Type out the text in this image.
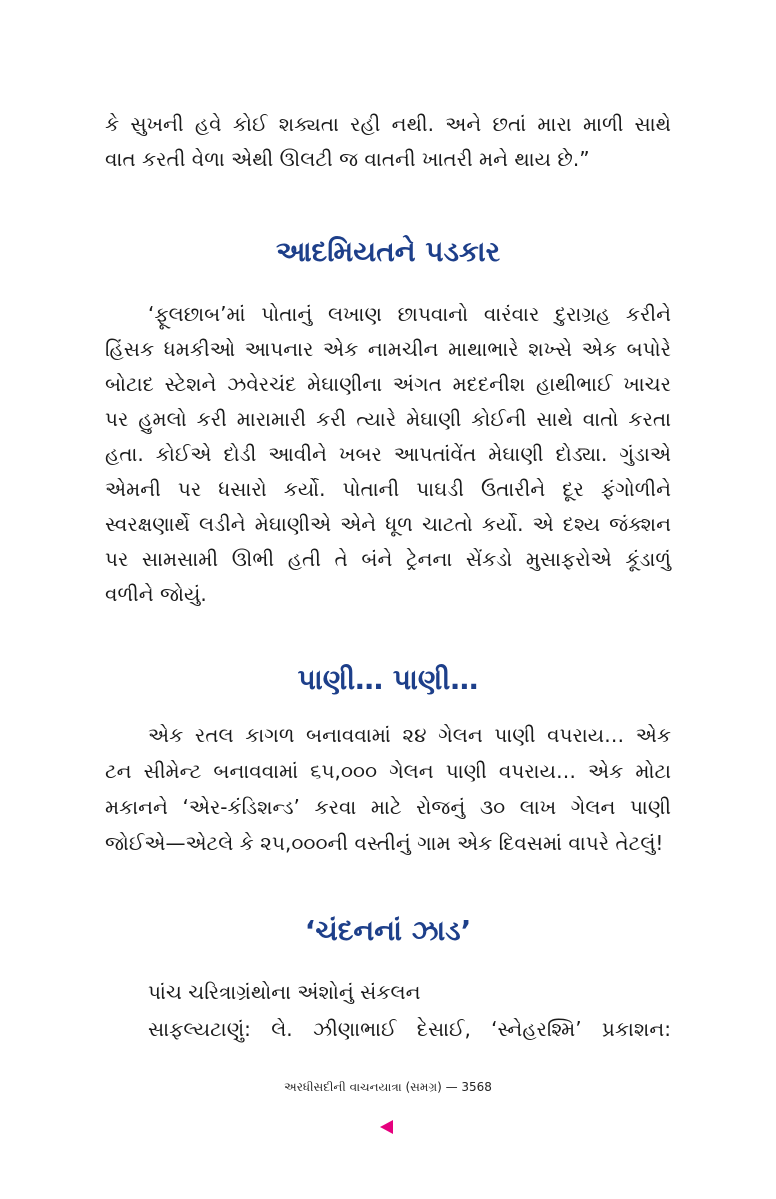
કે સુખની હવે કોઈ શક્યતા રહી નથી. અને છતાં મારા માળી સાથે
વાત કરતી વેળા એથી ઊલટી જ વાતની ખાતરી મને થાય છે.”
આદમિયતને પડકાર
‘ફૂલછાબ’માં પોતાનું લખાણ છાપવાનો વારંવાર દુરાગ્રહ કરીને
હિંસક ધમકીઓ આપનાર એક નામચીન માથાભારે શખ્સે એક બપોરે
બોટાદ સ્ટેશને ઝવેરચંદ મેઘાણીના અંગત મદદનીશ હાથીભાઈ ખાચર
પર હુમલો કરી મારામારી કરી ત્યારે મેઘાણી કોઈની સાથે વાતો કરતા
હતા. કોઈએ દોડી આવીને ખબર આપતાંવેંત મેઘાણી દોડ્યા. ગુંડાએ
એમની પર ધસારો કર્યો. પોતાની પાઘડી ઉતારીને દૂર ફંગોળીને
સ્વરક્ષણાર્થે લડીને મેઘાણીએ એને ધૂળ ચાટતો કર્યો. એ દશ્ય જંક્શન
પર સામસામી ઊભી હતી તે બંને ટ્રેનના સેંકડો મુસાફરોએ કૂંડાળું
વળીને જોયું.
પાણી… પાણી…
એક રતલ કાગળ બનાવવામાં ૨૪ ગેલન પાણી વપરાય… એક
ટન સીમેન્ટ બનાવવામાં ૬૫,૦૦૦ ગેલન પાણી વપરાય… એક મોટા
મકાનને ‘એર-કંડિશન્ડ’ કરવા માટે રોજનું ૩૦ લાખ ગેલન પાણી
જોઈએ—એટલે કે ૨૫,૦૦૦ની વસ્તીનું ગામ એક દિવસમાં વાપરે તેટલું!
‘ચંદનનાં ઝાડ’
પાંચ ચરિત્રાગ્રંથોના અંશોનું સંકલન
સાફલ્યટાણું: લે. ઝીણાભાઈ દેસાઈ, ‘સ્નેહરશ્મિ’ પ્રકાશન:
અરધીસદીની વાચનયાત્રા (સમગ્ર) — 3568
